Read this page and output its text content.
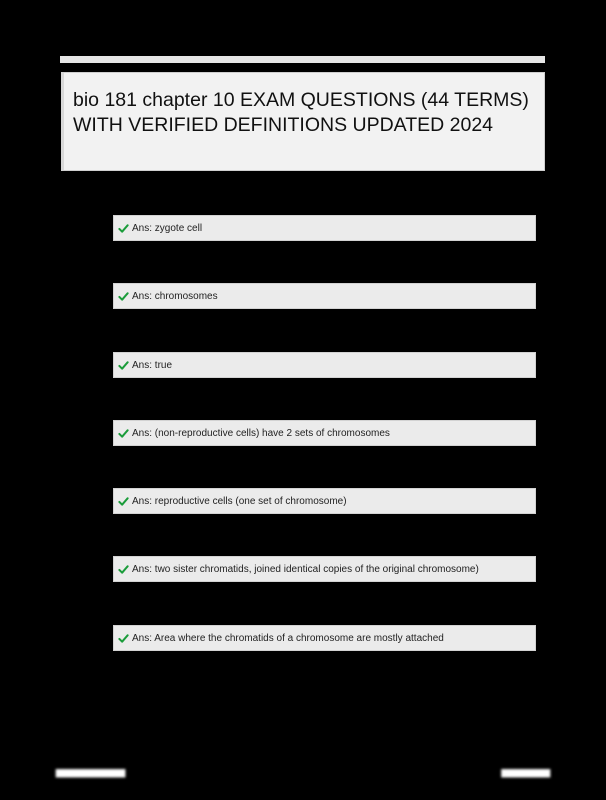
bio 181 chapter 10 EXAM QUESTIONS (44 TERMS) WITH VERIFIED DEFINITIONS UPDATED 2024
Ans: zygote cell
Ans: chromosomes
Ans: true
Ans: (non-reproductive cells) have 2 sets of chromosomes
Ans: reproductive cells (one set of chromosome)
Ans: two sister chromatids, joined identical copies of the original chromosome)
Ans: Area where the chromatids of a chromosome are mostly attached
▆▆▆▆▆▆▆▆▆▆	▆▆▆▆▆▆▆
